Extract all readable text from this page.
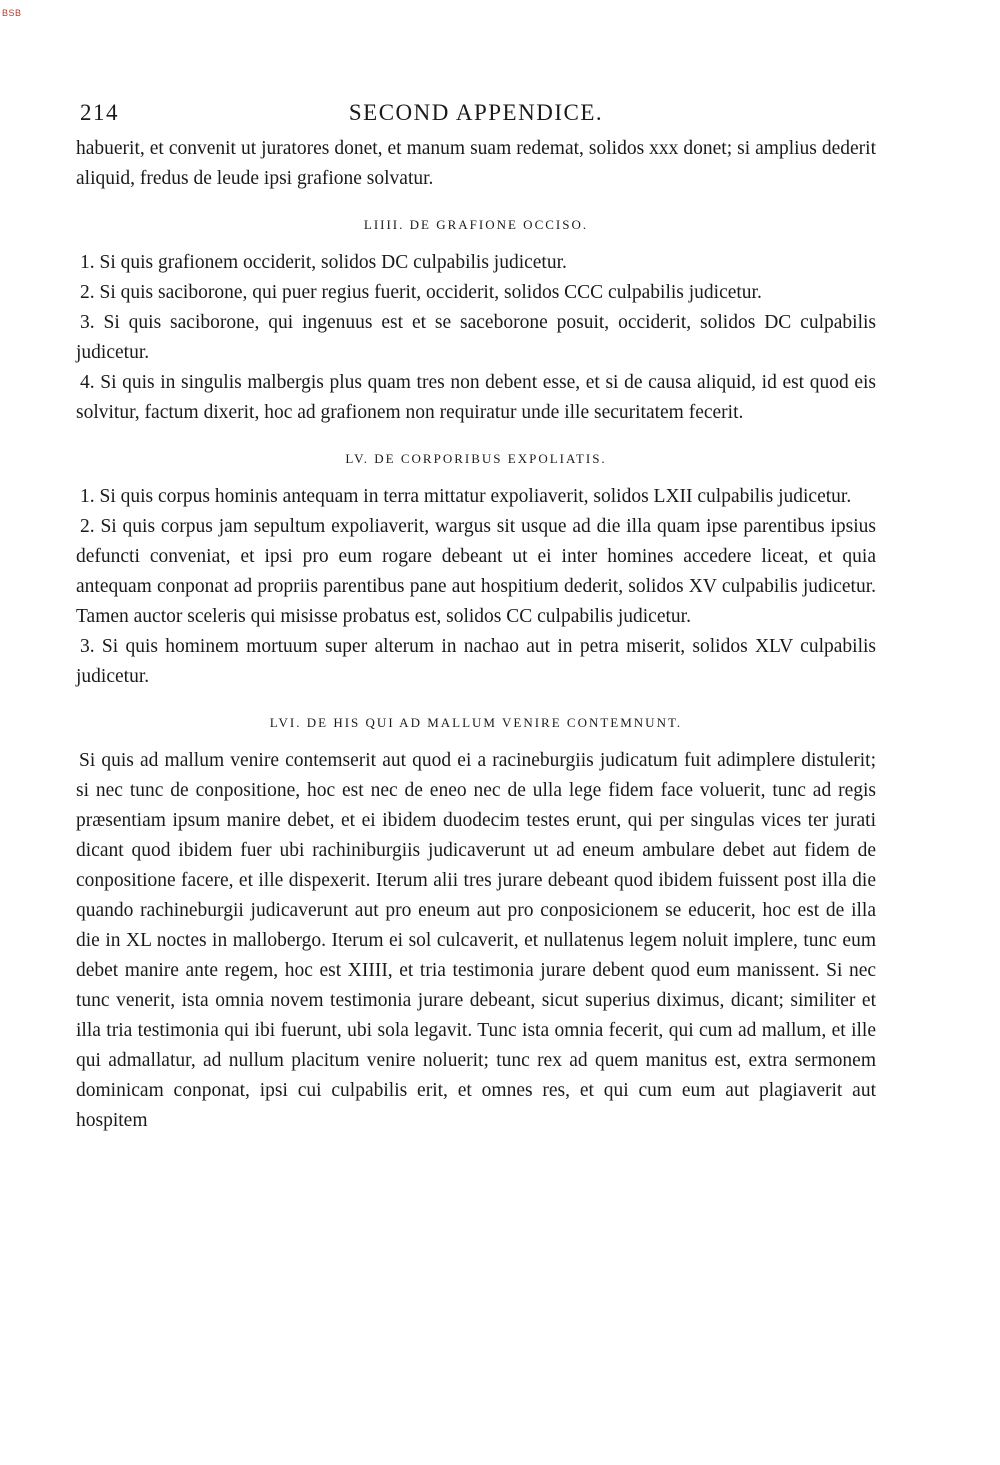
BSB
214	SECOND APPENDICE.

habuerit, et convenit ut juratores donet, et manum suam redemat, solidos xxx donet; si amplius dederit aliquid, fredus de leude ipsi grafione solvatur.

LIIII. DE GRAFIONE OCCISO.

1. Si quis grafionem occiderit, solidos DC culpabilis judicetur.

2. Si quis saciborone, qui puer regius fuerit, occiderit, solidos CCC culpabilis judicetur.

3. Si quis saciborone, qui ingenuus est et se saceborone posuit, occiderit, solidos DC culpabilis judicetur.

4. Si quis in singulis malbergis plus quam tres non debent esse, et si de causa aliquid, id est quod eis solvitur, factum dixerit, hoc ad grafionem non requiratur unde ille securitatem fecerit.

LV. DE CORPORIBUS EXPOLIATIS.

1. Si quis corpus hominis antequam in terra mittatur expoliaverit, solidos LXII culpabilis judicetur.

2. Si quis corpus jam sepultum expoliaverit, wargus sit usque ad die illa quam ipse parentibus ipsius defuncti conveniat, et ipsi pro eum rogare debeant ut ei inter homines accedere liceat, et quia antequam conponat ad propriis parentibus pane aut hospitium dederit, solidos XV culpabilis judicetur. Tamen auctor sceleris qui misisse probatus est, solidos CC culpabilis judicetur.

3. Si quis hominem mortuum super alterum in nachao aut in petra miserit, solidos XLV culpabilis judicetur.

LVI. DE HIS QUI AD MALLUM VENIRE CONTEMNUNT.

Si quis ad mallum venire contemserit aut quod ei a racineburgiis judicatum fuit adimplere distulerit; si nec tunc de conpositione, hoc est nec de eneo nec de ulla lege fidem face voluerit, tunc ad regis præsentiam ipsum manire debet, et ei ibidem duodecim testes erunt, qui per singulas vices ter jurati dicant quod ibidem fuer ubi rachiniburgiis judicaverunt ut ad eneum ambulare debet aut fidem de conpositione facere, et ille dispexerit. Iterum alii tres jurare debeant quod ibidem fuissent post illa die quando rachineburgii judicaverunt aut pro eneum aut pro conposicionem se educerit, hoc est de illa die in XL noctes in mallobergo. Iterum ei sol culcaverit, et nullatenus legem noluit implere, tunc eum debet manire ante regem, hoc est XIIII, et tria testimonia jurare debent quod eum manissent. Si nec tunc venerit, ista omnia novem testimonia jurare debeant, sicut superius diximus, dicant; similiter et illa tria testimonia qui ibi fuerunt, ubi sola legavit. Tunc ista omnia fecerit, qui cum ad mallum, et ille qui admallatur, ad nullum placitum venire noluerit; tunc rex ad quem manitus est, extra sermonem dominicam conponat, ipsi cui culpabilis erit, et omnes res, et qui cum eum aut plagiaverit aut hospitem
